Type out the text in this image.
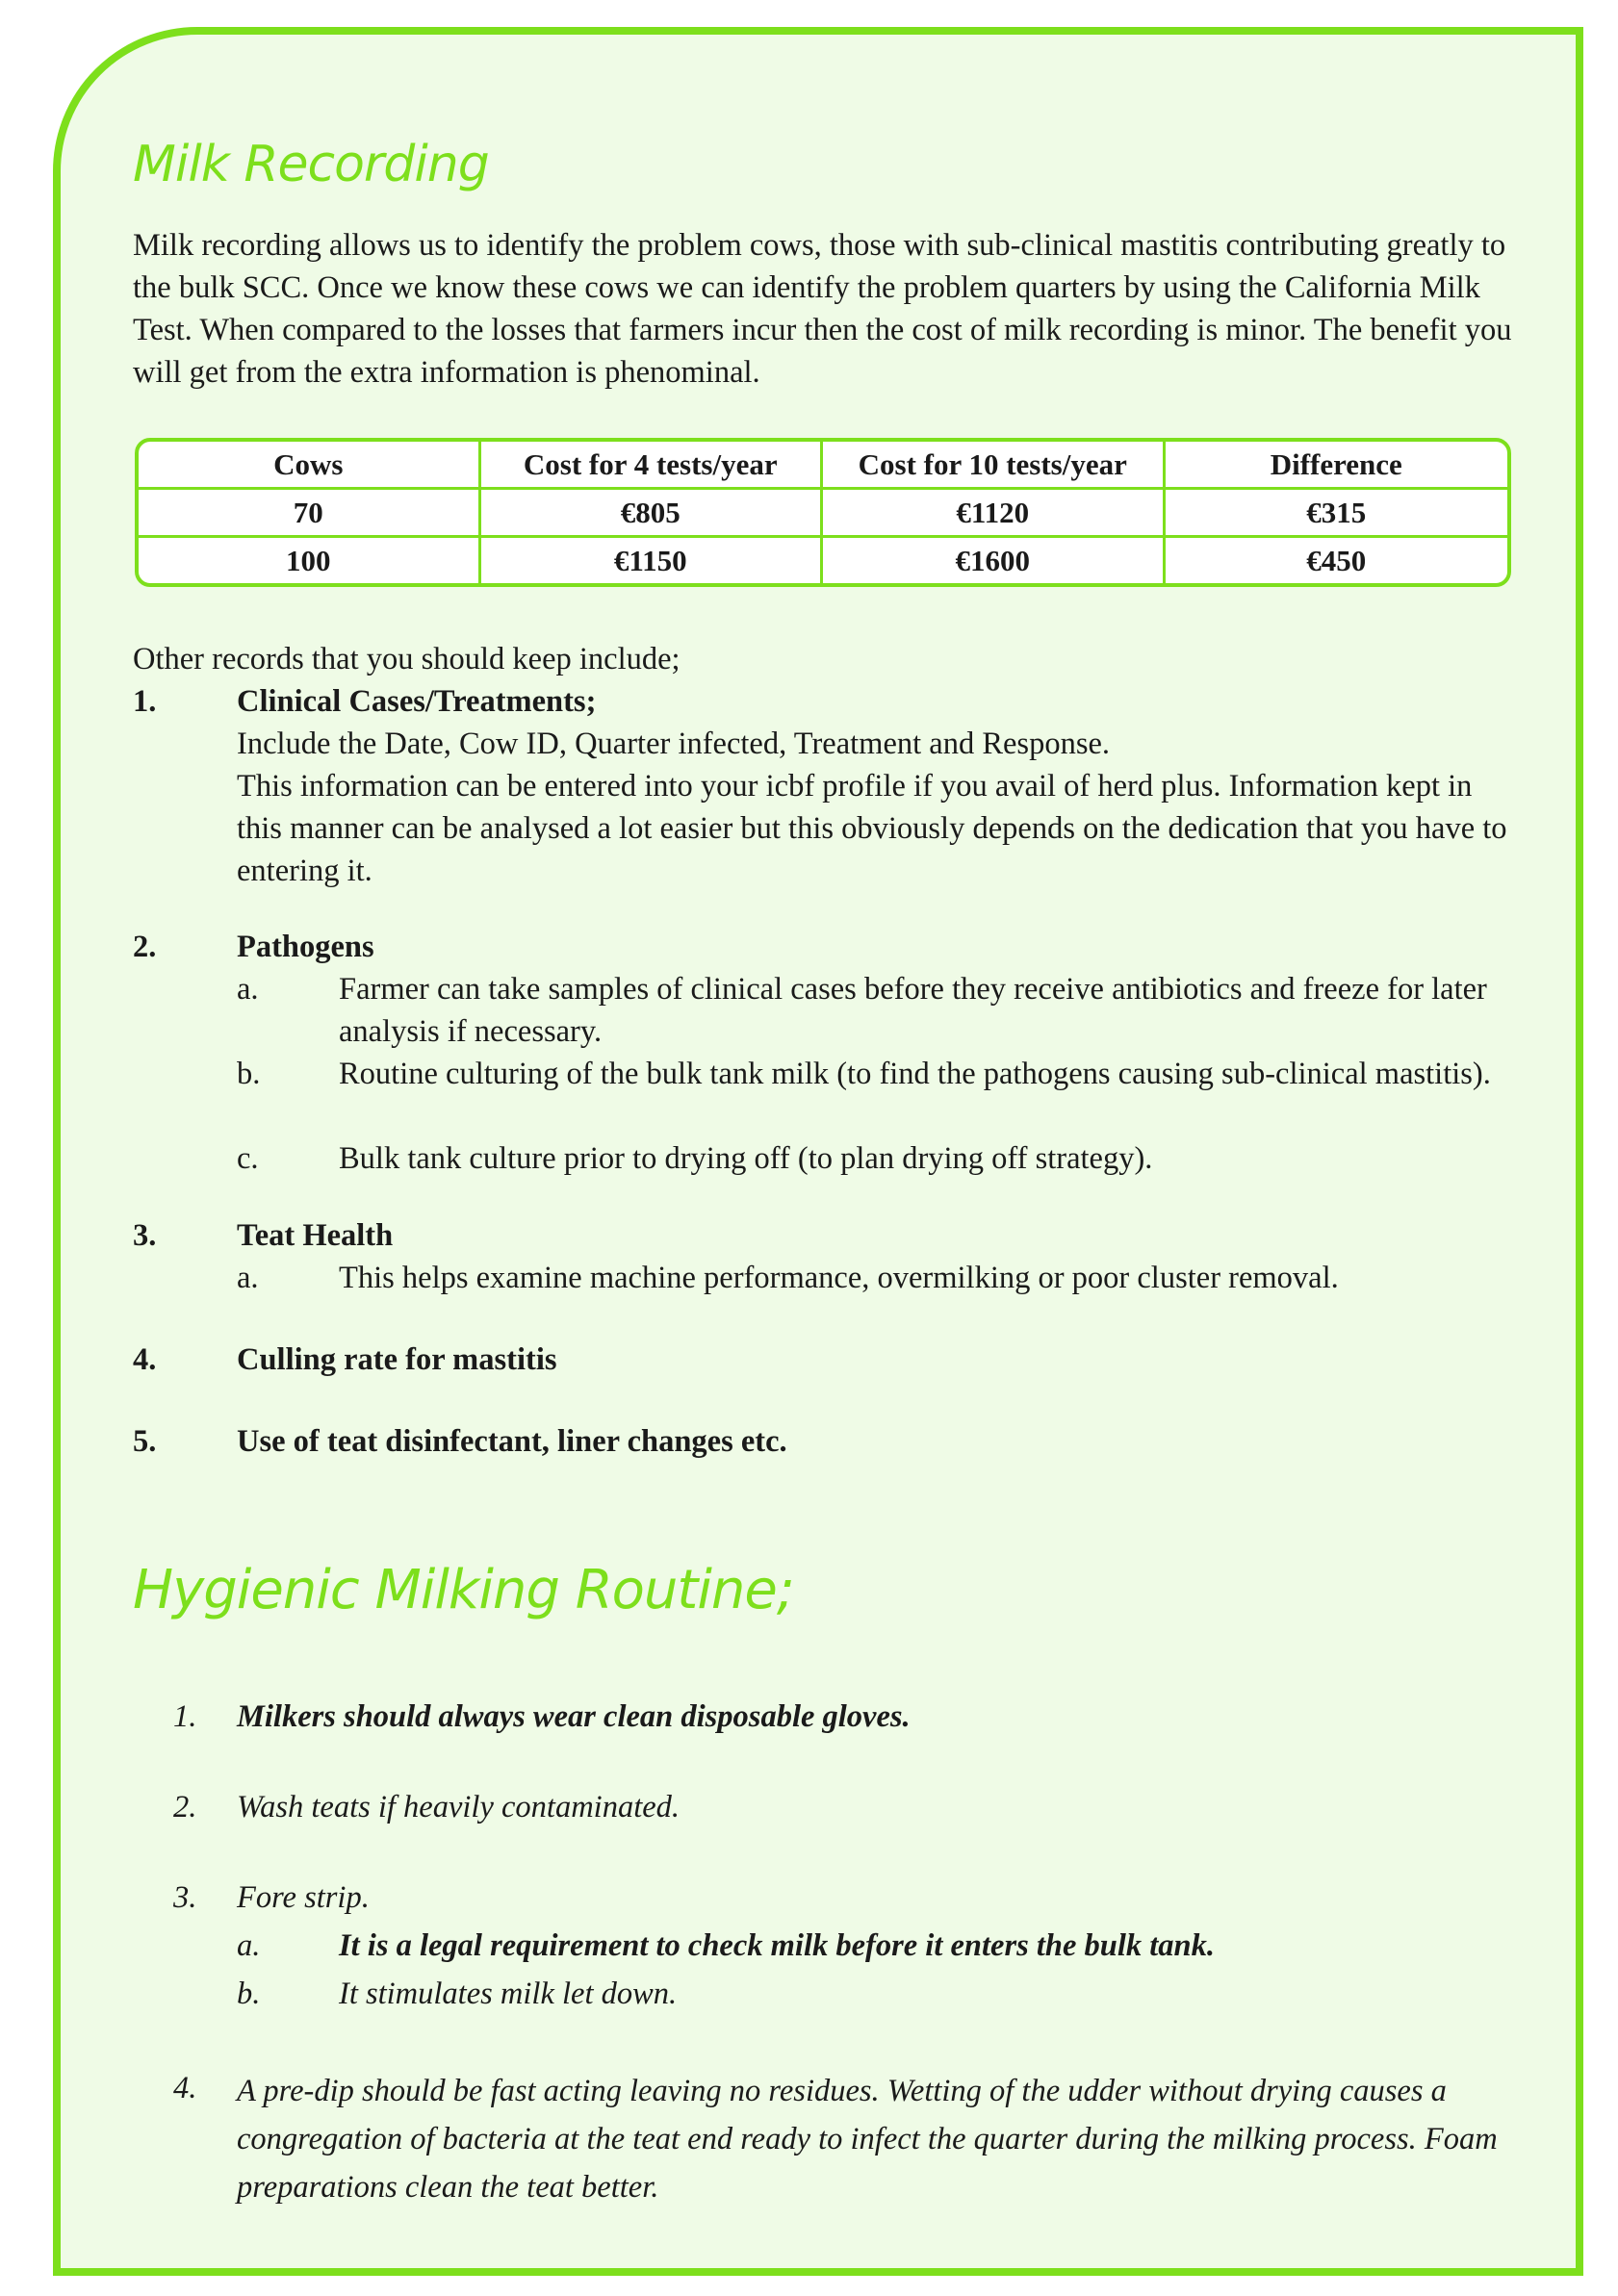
Milk Recording

Milk recording allows us to identify the problem cows, those with sub-clinical mastitis contributing greatly to the bulk SCC. Once we know these cows we can identify the problem quarters by using the California Milk Test. When compared to the losses that farmers incur then the cost of milk recording is minor. The benefit you will get from the extra information is phenominal.

Cows	Cost for 4 tests/year	Cost for 10 tests/year	Difference
70	€805	€1120	€315
100	€1150	€1600	€450

Other records that you should keep include;

1.	Clinical Cases/Treatments;

Include the Date, Cow ID, Quarter infected, Treatment and Response.

This information can be entered into your icbf profile if you avail of herd plus. Information kept in this manner can be analysed a lot easier but this obviously depends on the dedication that you have to entering it.

2.	Pathogens
a.	Farmer can take samples of clinical cases before they receive antibiotics and freeze for later analysis if necessary.

b.	Routine culturing of the bulk tank milk (to find the pathogens causing sub-clinical mastitis).

c.	Bulk tank culture prior to drying off (to plan drying off strategy).

3.	Teat Health
a.	This helps examine machine performance, overmilking or poor cluster removal.

4.	Culling rate for mastitis
5.	Use of teat disinfectant, liner changes etc.
Hygienic Milking Routine;
1. Milkers should always wear clean disposable gloves.
2. Wash teats if heavily contaminated.
3. Fore strip.
a.	It is a legal requirement to check milk before it enters the bulk tank.
b.	It stimulates milk let down.
4. A pre-dip should be fast acting leaving no residues. Wetting of the udder without drying causes a congregation of bacteria at the teat end ready to infect the quarter during the milking process. Foam preparations clean the teat better.
